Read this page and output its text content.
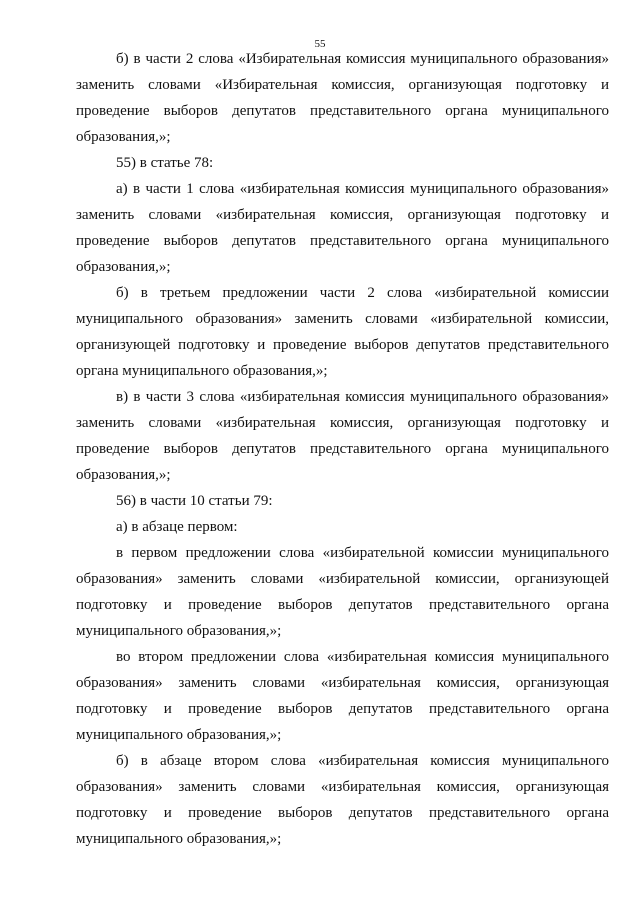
55

б) в части 2 слова «Избирательная комиссия муниципального образования» заменить словами «Избирательная комиссия, организующая подготовку и проведение выборов депутатов представительного органа муниципального образования,»;

55) в статье 78:

а) в части 1 слова «избирательная комиссия муниципального образования» заменить словами «избирательная комиссия, организующая подготовку и проведение выборов депутатов представительного органа муниципального образования,»;

б) в третьем предложении части 2 слова «избирательной комиссии муниципального образования» заменить словами «избирательной комиссии, организующей подготовку и проведение выборов депутатов представительного органа муниципального образования,»;

в) в части 3 слова «избирательная комиссия муниципального образования» заменить словами «избирательная комиссия, организующая подготовку и проведение выборов депутатов представительного органа муниципального образования,»;

56) в части 10 статьи 79:

а) в абзаце первом:

в первом предложении слова «избирательной комиссии муниципального образования» заменить словами «избирательной комиссии, организующей подготовку и проведение выборов депутатов представительного органа муниципального образования,»;

во втором предложении слова «избирательная комиссия муниципального образования» заменить словами «избирательная комиссия, организующая подготовку и проведение выборов депутатов представительного органа муниципального образования,»;

б) в абзаце втором слова «избирательная комиссия муниципального образования» заменить словами «избирательная комиссия, организующая подготовку и проведение выборов депутатов представительного органа муниципального образования,»;
